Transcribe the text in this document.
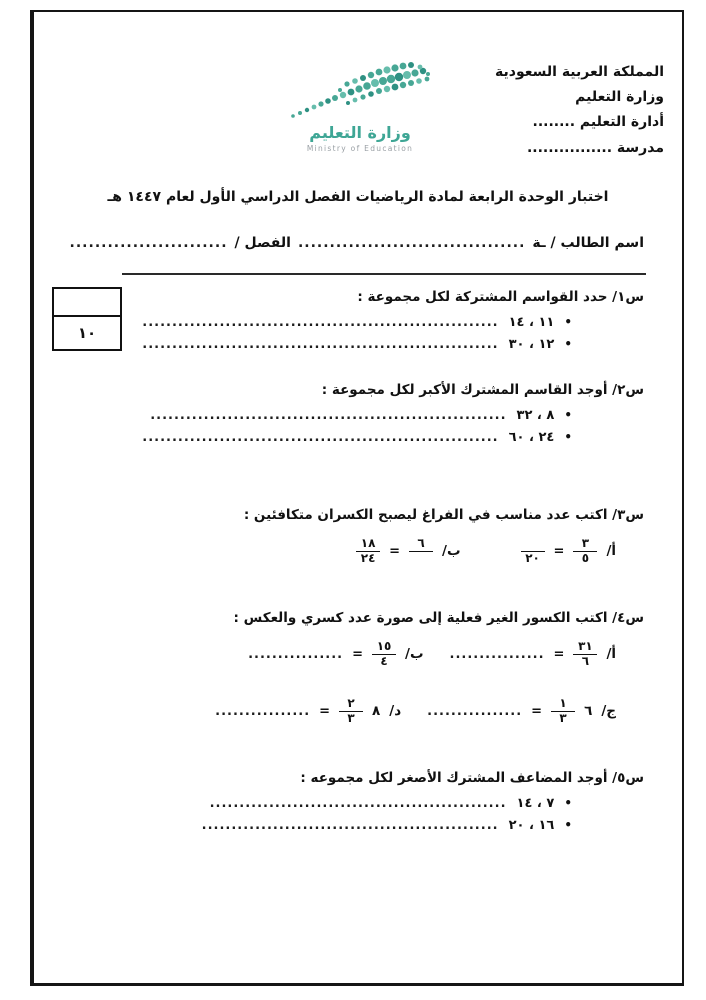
المملكة العربية السعودية
وزارة التعليم
أدارة التعليم ........
مدرسة ................
وزارة التعليم
Ministry of Education
اختبار الوحدة الرابعة لمادة الرياضيات الفصل الدراسي الأول لعام ١٤٤٧ هـ
اسم الطالب / ـة
....................................
الفصل /
.........................
١٠
س١/ حدد القواسم المشتركة لكل مجموعة :
•
١١ ، ١٤
............................................................
•
١٢ ، ٣٠
............................................................
س٢/ أوجد القاسم المشترك الأكبر لكل مجموعة :
•
٨ ، ٣٢
............................................................
•
٢٤ ، ٦٠
............................................................
س٣/ اكتب عدد مناسب في الفراغ ليصبح الكسران متكافئين :
أ/
$\frac{٣}{٥}$
=
٢٠
ب/
٦
=
$\frac{١٨}{٢٤}$
س٤/ اكتب الكسور الغير فعلية إلى صورة عدد كسري والعكس :
أ/
$\frac{٣١}{٦}$
=
................
ب/
$\frac{١٥}{٤}$
=
................
ج/
٦
$\frac{١}{٣}$
=
................
د/
٨
$\frac{٢}{٣}$
=
................
س٥/ أوجد المضاعف المشترك الأصغر لكل مجموعه :
•
٧ ، ١٤
..................................................
•
١٦ ، ٢٠
..................................................
